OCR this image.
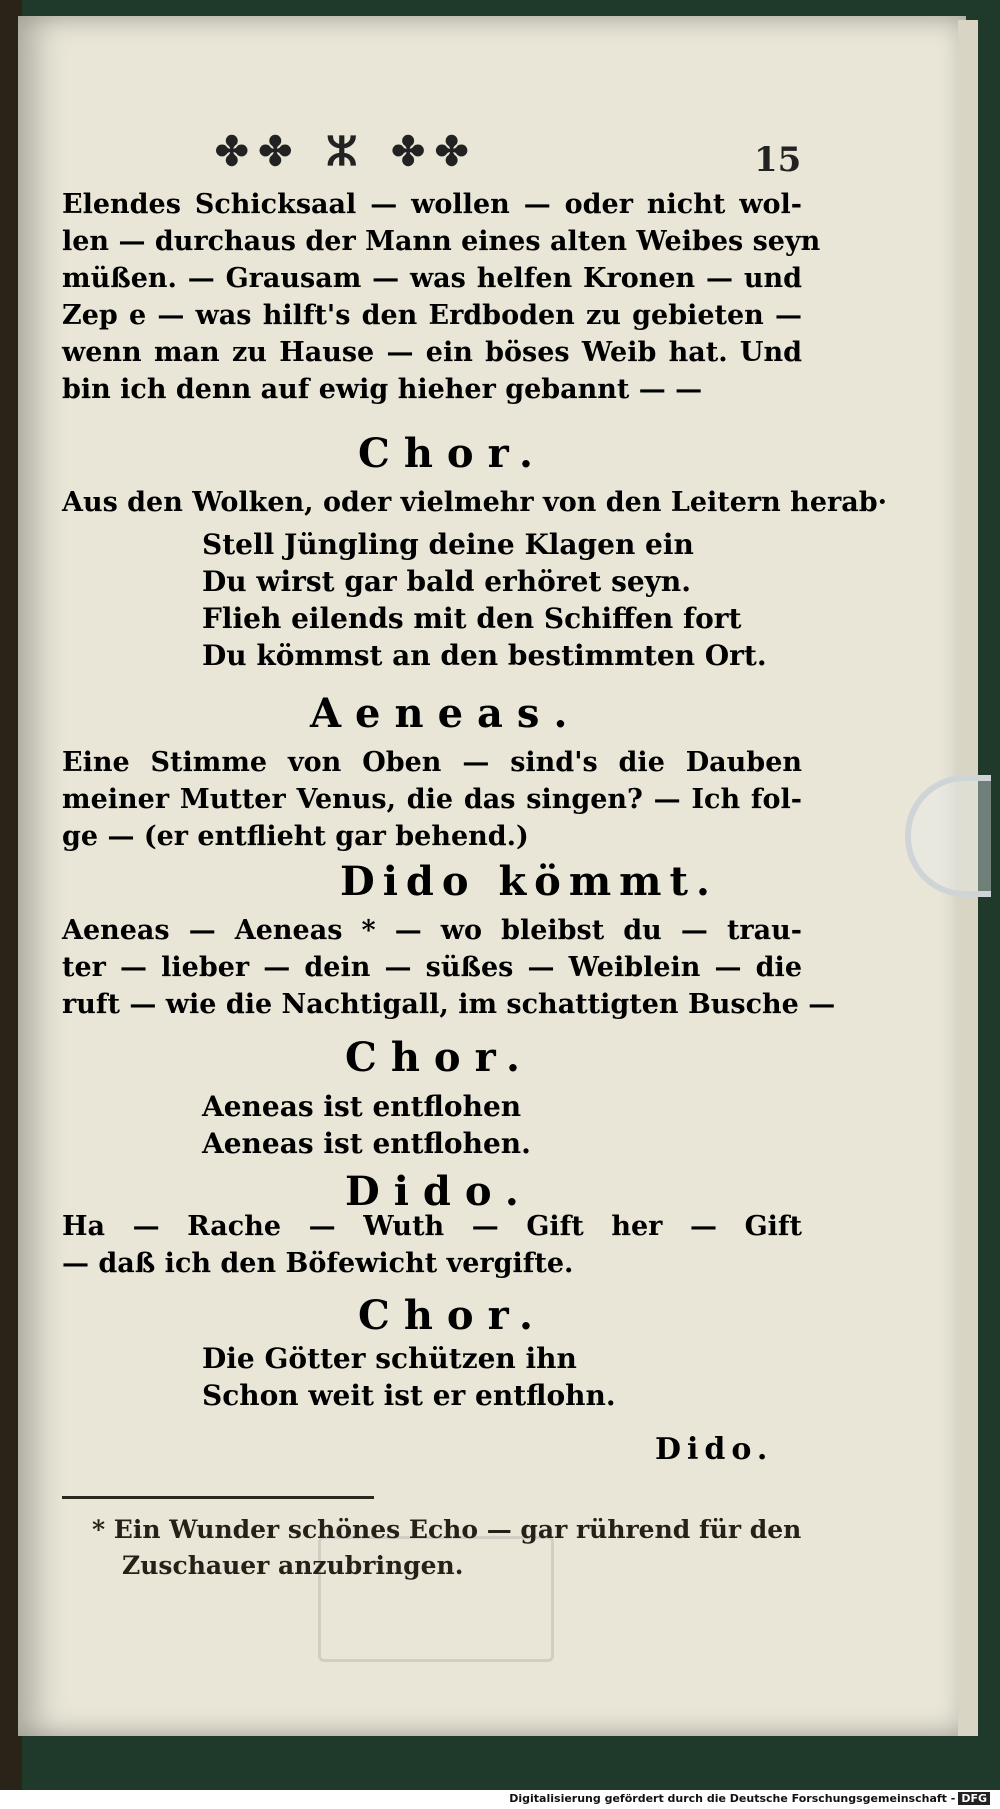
✤✤ ⵣ ✤✤	15
Elendes Schicksaal — wollen — oder nicht wol-
len — durchaus der Mann eines alten Weibes seyn
müßen. — Grausam — was helfen Kronen — und
Zep e — was hilft's den Erdboden zu gebieten —
wenn man zu Hause — ein böses Weib hat. Und
bin ich denn auf ewig hieher gebannt — —
Chor.
Aus den Wolken, oder vielmehr von den Leitern herab·
Stell Jüngling deine Klagen ein
Du wirst gar bald erhöret seyn.
Flieh eilends mit den Schiffen fort
Du kömmst an den bestimmten Ort.
Aeneas.
Eine Stimme von Oben — sind's die Dauben
meiner Mutter Venus, die das singen? — Ich fol-
ge — (er entflieht gar behend.)
Dido kömmt.
Aeneas — Aeneas * — wo bleibst du — trau-
ter — lieber — dein — süßes — Weiblein — die
ruft — wie die Nachtigall, im schattigten Busche —
Chor.
Aeneas ist entflohen
Aeneas ist entflohen.
Dido.
Ha — Rache — Wuth — Gift her — Gift
— daß ich den Böfewicht vergifte.
Chor.
Die Götter schützen ihn
Schon weit ist er entflohn.
Dido.
* Ein Wunder schönes Echo — gar rührend für den
Zuschauer anzubringen.
Digitalisierung gefördert durch die Deutsche Forschungsgemeinschaft - DFG
